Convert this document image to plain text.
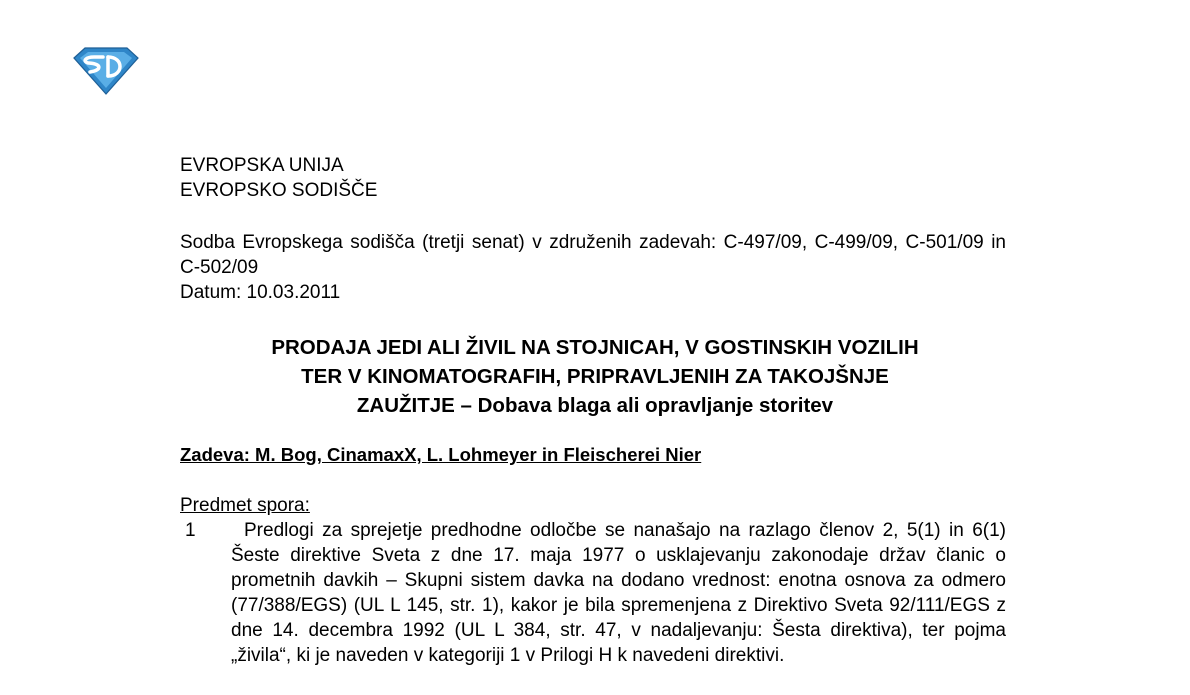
EVROPSKA UNIJA
EVROPSKO SODIŠČE
Sodba Evropskega sodišča (tretji senat) v združenih zadevah: C-497/09, C-499/09, C-501/09 in C-502/09
Datum: 10.03.2011
PRODAJA JEDI ALI ŽIVIL NA STOJNICAH, V GOSTINSKIH VOZILIH
TER V KINOMATOGRAFIH, PRIPRAVLJENIH ZA TAKOJŠNJE
ZAUŽITJE – Dobava blaga ali opravljanje storitev
Zadeva: M. Bog, CinamaxX, L. Lohmeyer in Fleischerei Nier
Predmet spora:
1	Predlogi za sprejetje predhodne odločbe se nanašajo na razlago členov 2, 5(1) in 6(1) Šeste direktive Sveta z dne 17. maja 1977 o usklajevanju zakonodaje držav članic o prometnih davkih – Skupni sistem davka na dodano vrednost: enotna osnova za odmero (77/388/EGS) (UL L 145, str. 1), kakor je bila spremenjena z Direktivo Sveta 92/111/EGS z dne 14. decembra 1992 (UL L 384, str. 47, v nadaljevanju: Šesta direktiva), ter pojma „živila“, ki je naveden v kategoriji 1 v Prilogi H k navedeni direktivi.
